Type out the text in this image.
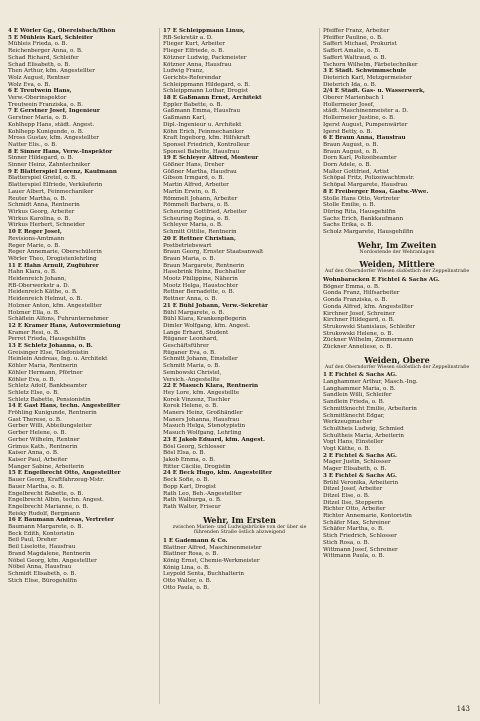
4 E Wörler Gg., Oberelsbach/Rhön
5 E Mühleis Karl, Schleifer
Mühleis Frieda, o. B.
Reichenberger Anna, o. B.
Schad Richard, Schleifer
Schad Elisabeth, o. B.
Then Arthur, kfm. Angestellter
Wolz August, Rentner
Wolz Eva, o. B.
6 E Treutwein Hans,
Verw.-Oberinspektor
Treutwein Franziska, o. B.
7 E Gerstner Josef, Ingenieur
Gerstner Maria, o. B.
Kohlhepp Hans, städt. Angest.
Kohlhepp Kunigunde, o. B.
Mross Gustav, kfm. Angestellter
Natter Elis., o. B.
8 E Sinner Hans, Verw.-Inspektor
Sinner Hildegard, o. B.
Sinner Heinz, Zahntechniker
9 E Blatterspiel Lorenz, Kaufmann
Blatterspiel Gretel, o. B.
Blatterspiel Elfriede, Verkäuferin
Lauer Albert, Feinmechaniker
Reuter Martha, o. B.
Schmidt Anna, Rentnerin
Wirkus Georg, Arbeiter
Wirkus Karolina, o. B.
Wirkus Herbert, Schneider
10 E Reger Josef,
Revisions-Amtmann
Reger Marie, o. B.
Reger Annemarie, Oberschülerin
Wörler Theo, Drogistenlehrling
11 E Hahn Arnulf, Zugführer
Hahn Klara, o. B.
Heidenreich Johann,
RB-Oberwerkstr a. D.
Heidenreich Käthe, o. B.
Heidenreich Helmut, o. B.
Holzner Anton, kfm. Angestellter
Holzner Ella, o. B.
Schäflein Alfons, Fuhrunternehmer
12 E Kramer Hans, Autovermietung
Kramer Resi, o. B.
Perret Frieda, Hausgehilfin
13 E Schletz Johanna, o. B.
Greisinger Else, Telefonistin
Heinlein Andreas, Ing. u. Architekt
Köhler Maria, Rentnerin
Köhler Hermann, Pförtner
Köhler Eva, o. B.
Schletz Adolf, Bankbeamter
Schletz Else, o. B.
Schletz Babette, Pensionistin
14 E Gast Hans, techn. Angestellter
Fröhling Kunigunde, Rentnerin
Gast Therese, o. B.
Gerber Willi, Abteilungsleiter
Gerber Helene, o. B.
Gerber Wilhelm, Rentner
Grimus Kath., Rentnerin
Kaiser Anna, o. B.
Kaiser Paul, Arbeiter
Manger Sabine, Arbeiterin
15 E Engelbrecht Otto, Angestellter
Bauer Georg, Kraftfahrzeug-Mstr.
Bauer Martha, o. B.
Engelbrecht Babette, o. B.
Engelbrecht Albin, techn. Angest.
Engelbrecht Marianne, o. B.
Reisky Rudolf, Bergmann
16 E Baumann Andreas, Vertreter
Baumann Margarete, o. B.
Beck Edith, Kontoristin
Beil Paul, Dreher
Beil Liselotte, Hausfrau
Brand Magdalene, Rentnerin
Nöbel Georg, kfm. Angestellter
Nöbel Anna, Hausfrau
Schmidt Elisabeth, o. B.
Stich Elise, Bürogehilfin
17 E Schleippmann Linus,
RB-Sekretär a. D.
Flieger Kurt, Arbeiter
Flieger Elfriede, o. B.
Kötzner Ludwig, Packmeister
Kötzner Anna, Hausfrau
Ludwig Franz,
Gerichts-Referendar
Schleippmann Hildegard, o. B.
Schleippmann Lothar, Drogist
18 E Gaßmann Ernst, Architekt
Eppler Babette, o. B.
Gaßmann Emma, Hausfrau
Gaßmann Karl,
Dipl.-Ingenieur u. Architekt
Köhn Erich, Feinmechaniker
Kraft Ingeborg, kfm. Hilfskraft
Sponsel Friedrich, Kontrolleur
Sponsel Babette, Hausfrau
19 E Schleyer Alfred, Monteur
Gößner Hans, Dreher
Gößner Martha, Hausfrau
Gibson Irmgard, o. B.
Martin Alfred, Arbeiter
Martin Erwin, o. B.
Römmelt Johann, Arbeiter
Römmelt Barbara, o. B.
Scheuring Gottfried, Arbeiter
Scheuring Regina, o. B.
Schleyer Maria, o. B.
Schmitt Ottilie, Rentnerin
20 E Rettner Christian,
Postbetriebswart
Braun Georg, Ernster Staatsanwalt
Braun Maria, o. B.
Braun Margarete, Rentnerin
Hasebrink Heinz, Buchhalter
Mootz Philippine, Näherin
Mootz Helga, Haustochter
Rettner Bernadette, o. B.
Rettner Anna, o. B.
21 E Bühl Johann, Verw.-Sekretär
Bühl Margarete, o. B.
Bühl Klara, Krankenpflegerin
Dimler Wolfgang, kfm. Angest.
Lange Erhard, Student
Rüganer Leonhard,
Geschäftsführer
Rüganer Eva, o. B.
Schmitt Johann, Einsteller
Schmitt Maria, o. B.
Sembowski Christel,
Versich.-Angestellte
22 E Masuch Klara, Rentnerin
Hey Lore, kfm. Angestellte
Korek Vinzenz, Tischler
Korek Helene, o. B.
Maners Heinz, Großhändler
Maners Johanna, Hausfrau
Masuch Helga, Stenotypistin
Masuch Wolfgang, Lehrling
23 E Jakob Eduard, kfm. Angest.
Bösl Georg, Schlosser
Bösl Elsa, o. B.
Jakob Emma, o. B.
Ritter Cäcilie, Drogistin
24 E Beck Hugo, kfm. Angestellter
Beck Sofie, o. B.
Bopp Karl, Drogist
Rath Leo, Beh.-Angestellter
Rath Walburga, o. B.
Rath Walter, Friseur
Wehr, Im Ersten
zwischen Marien- und Ludwigsbrücke von der über sie führenden Straße östlich abzweigend
1 E Gademann & Co.
Blattner Alfred, Maschinenmeister
Blattner Rosa, o. B.
König Ernst, Chemie-Werkmeister
König Lina, o. B.
Leypold Senta, Buchhalterin
Otto Walter, o. B.
Otto Paula, o. B.
Pfeiffer Franz, Arbeiter
Pfeiffer Pauline, o. B.
Saffert Michael, Prokurist
Saffert Amalie, o. B.
Saffert Waltraud, o. B.
Tschorn Wilhelm, Färbetechniker
3 E Städt. Schwimmschule
Dieterich Karl, Metzgermeister
Dieterich Ida, o. B.
2/4 E Städt. Gas- u. Wasserwerk,
Oberer Marienbach 1
Hollermeier Josef,
städt. Maschinenmeister a. D.
Hollermeier Justine, o. B.
Igerst August, Pumpenwärter
Igerst Betty, o. B.
6 E Braun Anna, Hausfrau
Braun August, o. B.
Braun August, o. B.
Dorn Karl, Polizeibeamter
Dorn Adele, o. B.
Malter Gottfried, Artist
Schöpal Fritz, Polizeiwachtmstr.
Schöpal Margarete, Hausfrau
8 E Freiberger Rosa, Gastw.-Wwe.
Stolle Hans Otto, Vertreter
Stolle Emilie, o. B.
Düring Rita, Hausgehilfin
Sachs Erich, Bankkaufmann
Sachs Erika, o. B.
Scholz Margarete, Hausgehilfin
Wehr, Im Zweiten
Nordostende der Wehranlagen
Weiden, Mittlere
Auf den Oberndorfer Wiesen südöstlich der Zeppelinstraße
Wohnbaracken E Fichtel & Sachs AG.
Bögner Emma, o. B.
Gonda Franz, Hilfsarbeiter
Gonda Franziska, o. B.
Gonda Alfred, kfm. Angestellter
Kirchner Josef, Schreiner
Kirchner Hildegard, o. B.
Strukowski Stanislaus, Schleifer
Strukowski Helene, o. B.
Zückner Wilhelm, Zimmermann
Zückner Anneliese, o. B.
Weiden, Obere
Auf den Oberndorfer Wiesen südöstlich der Zeppelinstraße
1 E Fichtel & Sachs AG.
Langhammer Arthur, Masch.-Ing.
Langhammer Maria, o. B.
Sandlein Willi, Schleifer
Sandlein Frieda, o. B.
Schmittknecht Emilie, Arbeiterin
Schmittknecht Edgar,
Werkzeugmacher
Schultheis Ludwig, Schmied
Schultheis Maria, Arbeiterin
Vogt Hans, Einsteller
Vogt Käthe, o. B.
2 E Fichtel & Sachs AG.
Mager Justin, Schlosser
Mager Elisabeth, o. B.
3 E Fichtel & Sachs AG.
Brühl Veronika, Arbeiterin
Ditzel Josef, Arbeiter
Ditzel Else, o. B.
Ditzel Ilse, Stepperin
Richter Otto, Arbeiter
Richter Annemarie, Kontoristin
Schäfer Max, Schreiner
Schäfer Martha, o. B.
Stich Friedrich, Schlosser
Stich Rosa, o. B.
Wittmann Josef, Schreiner
Wittmann Paula, o. B.
143
